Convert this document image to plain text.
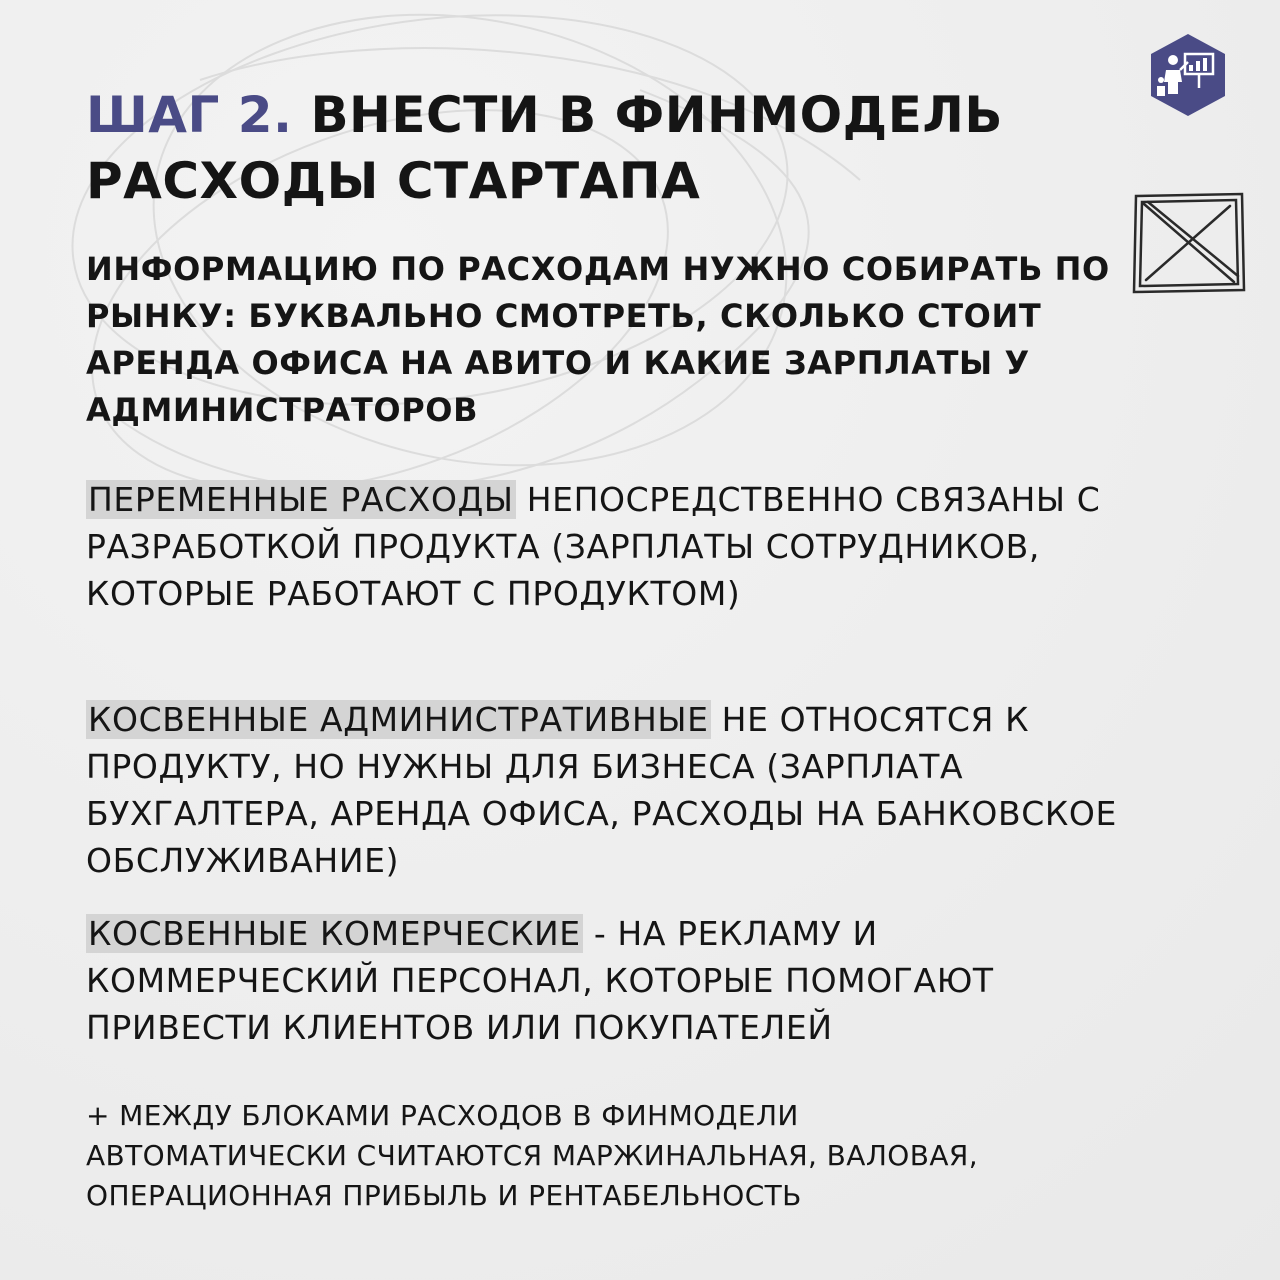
ШАГ 2. ВНЕСТИ В ФИНМОДЕЛЬ РАСХОДЫ СТАРТАПА

ИНФОРМАЦИЮ ПО РАСХОДАМ НУЖНО СОБИРАТЬ ПО РЫНКУ: БУКВАЛЬНО СМОТРЕТЬ, СКОЛЬКО СТОИТ АРЕНДА ОФИСА НА АВИТО И КАКИЕ ЗАРПЛАТЫ У АДМИНИСТРАТОРОВ

ПЕРЕМЕННЫЕ РАСХОДЫ НЕПОСРЕДСТВЕННО СВЯЗАНЫ С РАЗРАБОТКОЙ ПРОДУКТА (ЗАРПЛАТЫ СОТРУДНИКОВ, КОТОРЫЕ РАБОТАЮТ С ПРОДУКТОМ)

КОСВЕННЫЕ АДМИНИСТРАТИВНЫЕ НЕ ОТНОСЯТСЯ К ПРОДУКТУ, НО НУЖНЫ ДЛЯ БИЗНЕСА (ЗАРПЛАТА БУХГАЛТЕРА, АРЕНДА ОФИСА, РАСХОДЫ НА БАНКОВСКОЕ ОБСЛУЖИВАНИЕ)

КОСВЕННЫЕ КОМЕРЧЕСКИЕ - НА РЕКЛАМУ И КОММЕРЧЕСКИЙ ПЕРСОНАЛ, КОТОРЫЕ ПОМОГАЮТ ПРИВЕСТИ КЛИЕНТОВ ИЛИ ПОКУПАТЕЛЕЙ

+ МЕЖДУ БЛОКАМИ РАСХОДОВ В ФИНМОДЕЛИ АВТОМАТИЧЕСКИ СЧИТАЮТСЯ МАРЖИНАЛЬНАЯ, ВАЛОВАЯ, ОПЕРАЦИОННАЯ ПРИБЫЛЬ И РЕНТАБЕЛЬНОСТЬ
